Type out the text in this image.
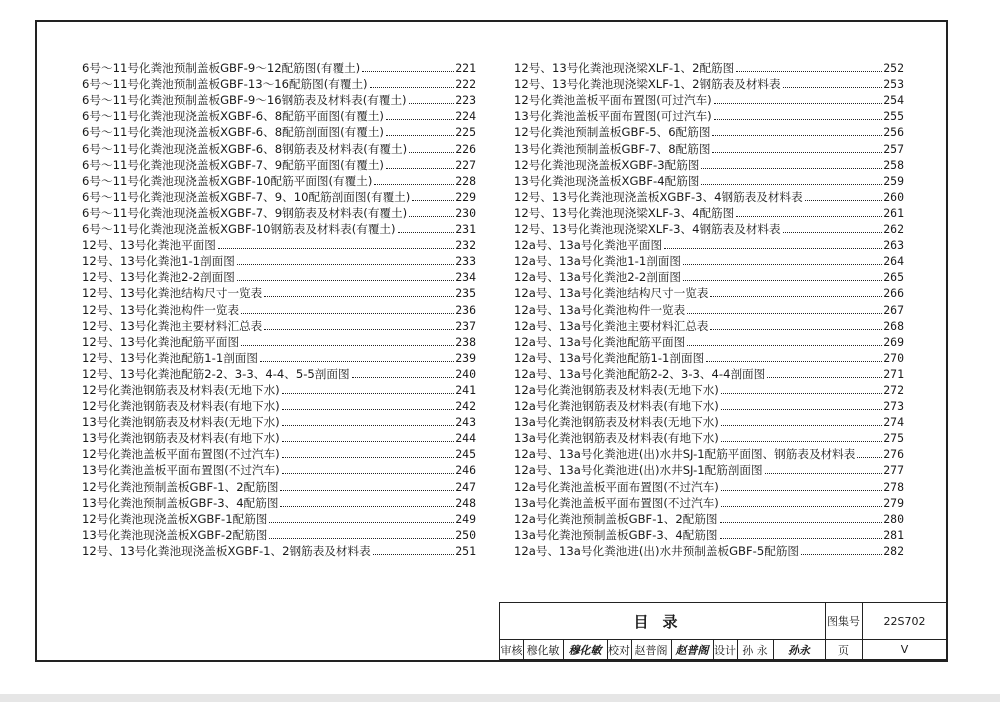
6号～11号化粪池预制盖板GBF-9～12配筋图(有覆土)	221
6号～11号化粪池预制盖板GBF-13～16配筋图(有覆土)	222
6号～11号化粪池预制盖板GBF-9～16钢筋表及材料表(有覆土)	223
6号～11号化粪池现浇盖板XGBF-6、8配筋平面图(有覆土)	224
6号～11号化粪池现浇盖板XGBF-6、8配筋剖面图(有覆土)	225
6号～11号化粪池现浇盖板XGBF-6、8钢筋表及材料表(有覆土)	226
6号～11号化粪池现浇盖板XGBF-7、9配筋平面图(有覆土)	227
6号～11号化粪池现浇盖板XGBF-10配筋平面图(有覆土)	228
6号～11号化粪池现浇盖板XGBF-7、9、10配筋剖面图(有覆土)	229
6号～11号化粪池现浇盖板XGBF-7、9钢筋表及材料表(有覆土)	230
6号～11号化粪池现浇盖板XGBF-10钢筋表及材料表(有覆土)	231
12号、13号化粪池平面图	232
12号、13号化粪池1-1剖面图	233
12号、13号化粪池2-2剖面图	234
12号、13号化粪池结构尺寸一览表	235
12号、13号化粪池构件一览表	236
12号、13号化粪池主要材料汇总表	237
12号、13号化粪池配筋平面图	238
12号、13号化粪池配筋1-1剖面图	239
12号、13号化粪池配筋2-2、3-3、4-4、5-5剖面图	240
12号化粪池钢筋表及材料表(无地下水)	241
12号化粪池钢筋表及材料表(有地下水)	242
13号化粪池钢筋表及材料表(无地下水)	243
13号化粪池钢筋表及材料表(有地下水)	244
12号化粪池盖板平面布置图(不过汽车)	245
13号化粪池盖板平面布置图(不过汽车)	246
12号化粪池预制盖板GBF-1、2配筋图	247
13号化粪池预制盖板GBF-3、4配筋图	248
12号化粪池现浇盖板XGBF-1配筋图	249
13号化粪池现浇盖板XGBF-2配筋图	250
12号、13号化粪池现浇盖板XGBF-1、2钢筋表及材料表	251
12号、13号化粪池现浇梁XLF-1、2配筋图	252
12号、13号化粪池现浇梁XLF-1、2钢筋表及材料表	253
12号化粪池盖板平面布置图(可过汽车)	254
13号化粪池盖板平面布置图(可过汽车)	255
12号化粪池预制盖板GBF-5、6配筋图	256
13号化粪池预制盖板GBF-7、8配筋图	257
12号化粪池现浇盖板XGBF-3配筋图	258
13号化粪池现浇盖板XGBF-4配筋图	259
12号、13号化粪池现浇盖板XGBF-3、4钢筋表及材料表	260
12号、13号化粪池现浇梁XLF-3、4配筋图	261
12号、13号化粪池现浇梁XLF-3、4钢筋表及材料表	262
12a号、13a号化粪池平面图	263
12a号、13a号化粪池1-1剖面图	264
12a号、13a号化粪池2-2剖面图	265
12a号、13a号化粪池结构尺寸一览表	266
12a号、13a号化粪池构件一览表	267
12a号、13a号化粪池主要材料汇总表	268
12a号、13a号化粪池配筋平面图	269
12a号、13a号化粪池配筋1-1剖面图	270
12a号、13a号化粪池配筋2-2、3-3、4-4剖面图	271
12a号化粪池钢筋表及材料表(无地下水)	272
12a号化粪池钢筋表及材料表(有地下水)	273
13a号化粪池钢筋表及材料表(无地下水)	274
13a号化粪池钢筋表及材料表(有地下水)	275
12a号、13a号化粪池进(出)水井SJ-1配筋平面图、钢筋表及材料表 276
12a号、13a号化粪池进(出)水井SJ-1配筋剖面图	277
12a号化粪池盖板平面布置图(不过汽车)	278
13a号化粪池盖板平面布置图(不过汽车)	279
12a号化粪池预制盖板GBF-1、2配筋图	280
13a号化粪池预制盖板GBF-3、4配筋图	281
12a号、13a号化粪池进(出)水井预制盖板GBF-5配筋图	282
目录	图集号	22S702
审核 穆化敏 穆化敏 校对 赵普阁 赵普阁 设计 孙 永	孙永	页	V
